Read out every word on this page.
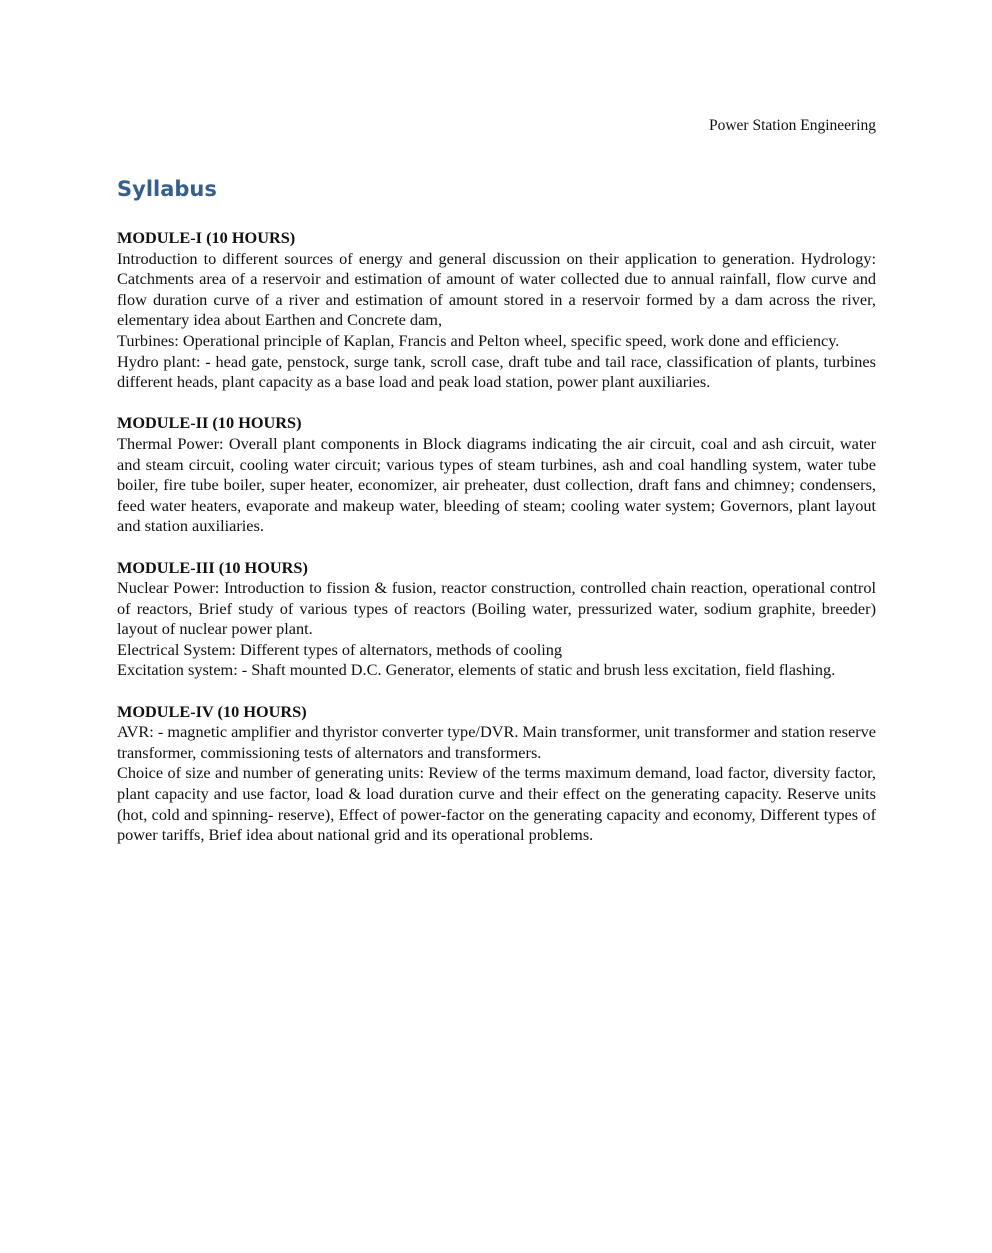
Power Station Engineering
Syllabus
MODULE-I (10 HOURS)

Introduction to different sources of energy and general discussion on their application to generation. Hydrology: Catchments area of a reservoir and estimation of amount of water collected due to annual rainfall, flow curve and flow duration curve of a river and estimation of amount stored in a reservoir formed by a dam across the river, elementary idea about Earthen and Concrete dam,

Turbines: Operational principle of Kaplan, Francis and Pelton wheel, specific speed, work done and efficiency.

Hydro plant: - head gate, penstock, surge tank, scroll case, draft tube and tail race, classification of plants, turbines different heads, plant capacity as a base load and peak load station, power plant auxiliaries.

MODULE-II (10 HOURS)

Thermal Power: Overall plant components in Block diagrams indicating the air circuit, coal and ash circuit, water and steam circuit, cooling water circuit; various types of steam turbines, ash and coal handling system, water tube boiler, fire tube boiler, super heater, economizer, air preheater, dust collection, draft fans and chimney; condensers, feed water heaters, evaporate and makeup water, bleeding of steam; cooling water system; Governors, plant layout and station auxiliaries.

MODULE-III (10 HOURS)

Nuclear Power: Introduction to fission & fusion, reactor construction, controlled chain reaction, operational control of reactors, Brief study of various types of reactors (Boiling water, pressurized water, sodium graphite, breeder) layout of nuclear power plant.

Electrical System: Different types of alternators, methods of cooling

Excitation system: - Shaft mounted D.C. Generator, elements of static and brush less excitation, field flashing.

MODULE-IV (10 HOURS)

AVR: - magnetic amplifier and thyristor converter type/DVR. Main transformer, unit transformer and station reserve transformer, commissioning tests of alternators and transformers.

Choice of size and number of generating units: Review of the terms maximum demand, load factor, diversity factor, plant capacity and use factor, load & load duration curve and their effect on the generating capacity. Reserve units (hot, cold and spinning- reserve), Effect of power-factor on the generating capacity and economy, Different types of power tariffs, Brief idea about national grid and its operational problems.
